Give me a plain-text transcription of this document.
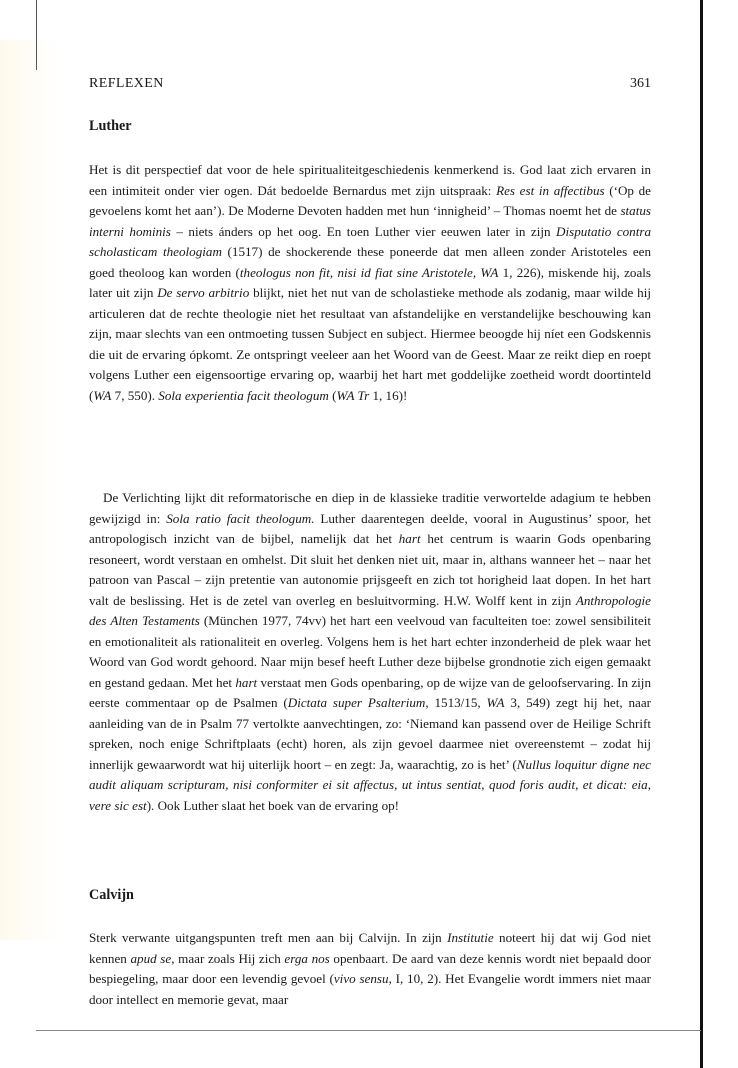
REFLEXEN	361
Luther

Het is dit perspectief dat voor de hele spiritualiteitgeschiedenis kenmerkend is. God laat zich ervaren in een intimiteit onder vier ogen. Dát bedoelde Bernardus met zijn uitspraak: Res est in affectibus (‘Op de gevoelens komt het aan’). De Moderne Devoten hadden met hun ‘innigheid’ – Thomas noemt het de status interni hominis – niets ánders op het oog. En toen Luther vier eeuwen later in zijn Disputatio contra scholasticam theologiam (1517) de shockerende these poneerde dat men alleen zonder Aristoteles een goed theoloog kan worden (theologus non fit, nisi id fiat sine Aristotele, WA 1, 226), miskende hij, zoals later uit zijn De servo arbitrio blijkt, niet het nut van de scholastieke methode als zodanig, maar wilde hij articuleren dat de rechte theologie niet het resultaat van afstandelijke en verstandelijke beschouwing kan zijn, maar slechts van een ontmoeting tussen Subject en subject. Hiermee beoogde hij níet een Godskennis die uit de ervaring ópkomt. Ze ontspringt veeleer aan het Woord van de Geest. Maar ze reikt diep en roept volgens Luther een eigensoortige ervaring op, waarbij het hart met goddelijke zoetheid wordt doortinteld (WA 7, 550). Sola experientia facit theologum (WA Tr 1, 16)!

De Verlichting lijkt dit reformatorische en diep in de klassieke traditie verwortelde adagium te hebben gewijzigd in: Sola ratio facit theologum. Luther daarentegen deelde, vooral in Augustinus’ spoor, het antropologisch inzicht van de bijbel, namelijk dat het hart het centrum is waarin Gods openbaring resoneert, wordt verstaan en omhelst. Dit sluit het denken niet uit, maar in, althans wanneer het – naar het patroon van Pascal – zijn pretentie van autonomie prijsgeeft en zich tot horigheid laat dopen. In het hart valt de beslissing. Het is de zetel van overleg en besluitvorming. H.W. Wolff kent in zijn Anthropologie des Alten Testaments (München 1977, 74vv) het hart een veelvoud van faculteiten toe: zowel sensibiliteit en emotionaliteit als rationaliteit en overleg. Volgens hem is het hart echter inzonderheid de plek waar het Woord van God wordt gehoord. Naar mijn besef heeft Luther deze bijbelse grondnotie zich eigen gemaakt en gestand gedaan. Met het hart verstaat men Gods openbaring, op de wijze van de geloofservaring. In zijn eerste commentaar op de Psalmen (Dictata super Psalterium, 1513/15, WA 3, 549) zegt hij het, naar aanleiding van de in Psalm 77 vertolkte aanvechtingen, zo: ‘Niemand kan passend over de Heilige Schrift spreken, noch enige Schriftplaats (echt) horen, als zijn gevoel daarmee niet overeenstemt – zodat hij innerlijk gewaarwordt wat hij uiterlijk hoort – en zegt: Ja, waarachtig, zo is het’ (Nullus loquitur digne nec audit aliquam scripturam, nisi conformiter ei sit affectus, ut intus sentiat, quod foris audit, et dicat: eia, vere sic est). Ook Luther slaat het boek van de ervaring op!

Calvijn

Sterk verwante uitgangspunten treft men aan bij Calvijn. In zijn Institutie noteert hij dat wij God niet kennen apud se, maar zoals Hij zich erga nos openbaart. De aard van deze kennis wordt niet bepaald door bespiegeling, maar door een levendig gevoel (vivo sensu, I, 10, 2). Het Evangelie wordt immers niet maar door intellect en memorie gevat, maar
